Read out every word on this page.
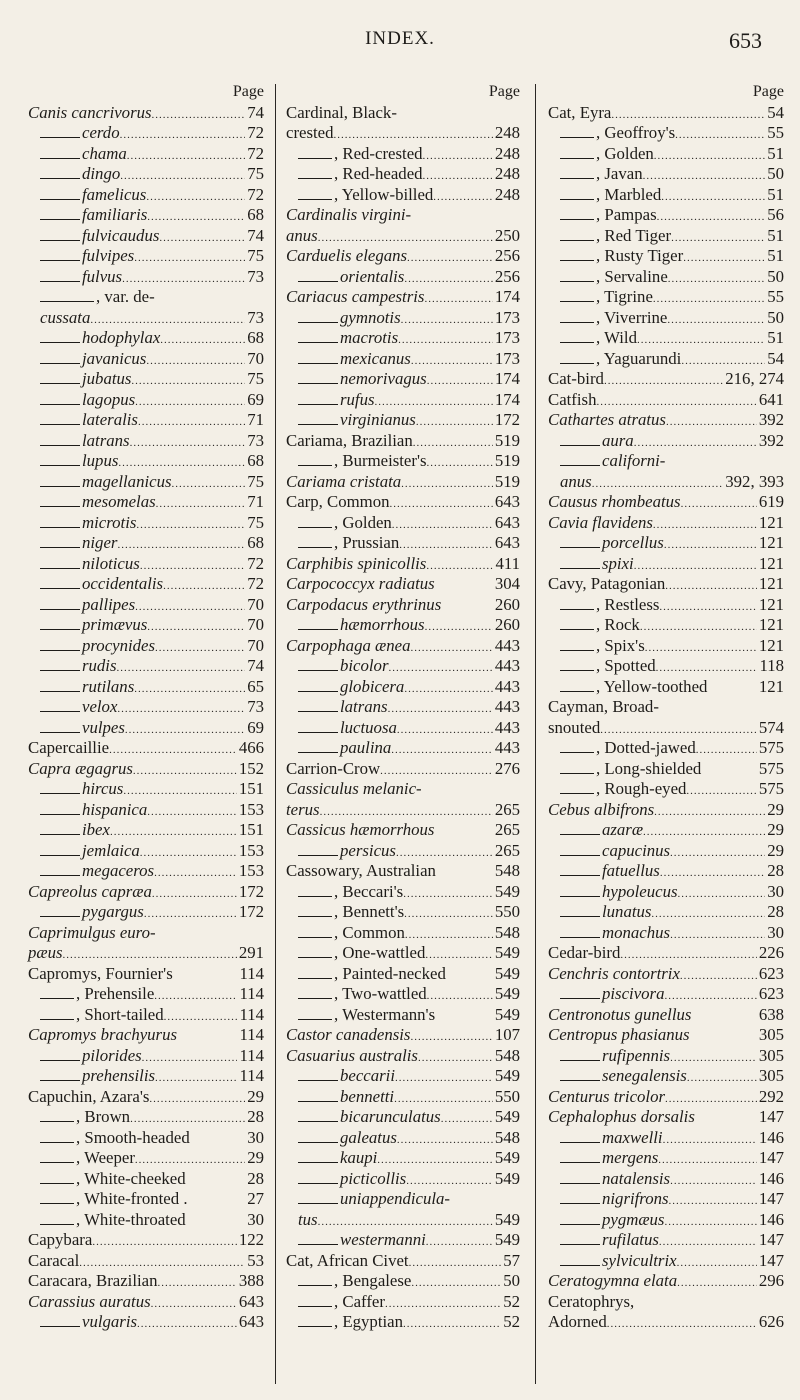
INDEX.	653
Page
Canis cancrivorus .....	74
cerdo .....	72
chama .....	72
dingo .....	75
famelicus .....	72
familiaris .....	68
fulvicaudus .....	74
fulvipes .....	75
fulvus .....	73
, var. de-
cussata .....	73
hodophylax .....	68
javanicus .....	70
jubatus .....	75
lagopus .....	69
lateralis .....	71
latrans .....	73
lupus .....	68
magellanicus .....	75
mesomelas .....	71
microtis .....	75
niger .....	68
niloticus .....	72
occidentalis .....	72
pallipes .....	70
primævus .....	70
procynides .....	70
rudis .....	74
rutilans .....	65
velox .....	73
vulpes .....	69
Capercaillie .....	466
Capra ægagrus .....	152
hircus .....	151
hispanica .....	153
ibex .....	151
jemlaica .....	153
megaceros .....	153
Capreolus capræa .....	172
pygargus .....	172
Caprimulgus euro-
pæus .....	291
Capromys, Fournier's	114
, Prehensile .....	114
, Short-tailed .....	114
Capromys brachyurus	114
pilorides .....	114
prehensilis .....	114
Capuchin, Azara's .....	29
, Brown .....	28
, Smooth-headed	30
, Weeper .....	29
, White-cheeked	28
, White-fronted .	27
, White-throated	30
Capybara .....	122
Caracal .....	53
Caracara, Brazilian .....	388
Carassius auratus .....	643
vulgaris .....	643
Page
Cardinal, Black-
crested .....	248
, Red-crested .....	248
, Red-headed .....	248
, Yellow-billed .....	248
Cardinalis virgini-
anus .....	250
Carduelis elegans .....	256
orientalis .....	256
Cariacus campestris .....	174
gymnotis .....	173
macrotis .....	173
mexicanus .....	173
nemorivagus .....	174
rufus .....	174
virginianus .....	172
Cariama, Brazilian .....	519
, Burmeister's .....	519
Cariama cristata .....	519
Carp, Common .....	643
, Golden .....	643
, Prussian .....	643
Carphibis spinicollis .....	411
Carpococcyx radiatus	304
Carpodacus erythrinus	260
hæmorrhous .....	260
Carpophaga ænea .....	443
bicolor .....	443
globicera .....	443
latrans .....	443
luctuosa .....	443
paulina .....	443
Carrion-Crow .....	276
Cassiculus melanic-
terus .....	265
Cassicus hæmorrhous	265
persicus .....	265
Cassowary, Australian	548
, Beccari's .....	549
, Bennett's .....	550
, Common .....	548
, One-wattled .....	549
, Painted-necked	549
, Two-wattled .....	549
, Westermann's	549
Castor canadensis .....	107
Casuarius australis .....	548
beccarii .....	549
bennetti .....	550
bicarunculatus .....	549
galeatus .....	548
kaupi .....	549
picticollis .....	549
uniappendicula-
tus .....	549
westermanni .....	549
Cat, African Civet .....	57
, Bengalese .....	50
, Caffer .....	52
, Egyptian .....	52
Page
Cat, Eyra .....	54
, Geoffroy's .....	55
, Golden .....	51
, Javan .....	50
, Marbled .....	51
, Pampas .....	56
, Red Tiger .....	51
, Rusty Tiger .....	51
, Servaline .....	50
, Tigrine .....	55
, Viverrine .....	50
, Wild .....	51
, Yaguarundi .....	54
Cat-bird .....	216, 274
Catfish .....	641
Cathartes atratus .....	392
aura .....	392
californi-
anus .....	392, 393
Causus rhombeatus .....	619
Cavia flavidens .....	121
porcellus .....	121
spixi .....	121
Cavy, Patagonian .....	121
, Restless .....	121
, Rock .....	121
, Spix's .....	121
, Spotted .....	118
, Yellow-toothed	121
Cayman, Broad-
snouted .....	574
, Dotted-jawed .....	575
, Long-shielded	575
, Rough-eyed .....	575
Cebus albifrons .....	29
azaræ .....	29
capucinus .....	29
fatuellus .....	28
hypoleucus .....	30
lunatus .....	28
monachus .....	30
Cedar-bird .....	226
Cenchris contortrix .....	623
piscivora .....	623
Centronotus gunellus	638
Centropus phasianus	305
rufipennis .....	305
senegalensis .....	305
Centurus tricolor .....	292
Cephalophus dorsalis	147
maxwelli .....	146
mergens .....	147
natalensis .....	146
nigrifrons .....	147
pygmæus .....	146
rufilatus .....	147
sylvicultrix .....	147
Ceratogymna elata .....	296
Ceratophrys,
Adorned .....	626
